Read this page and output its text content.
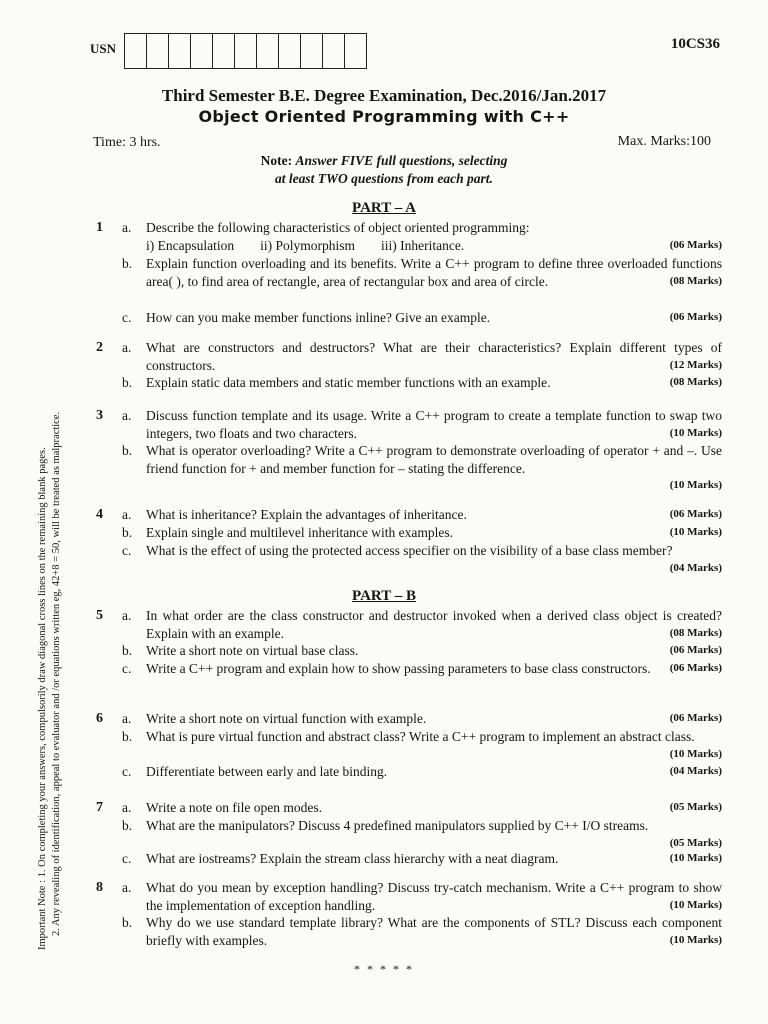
USN	10CS36
Third Semester B.E. Degree Examination, Dec.2016/Jan.2017
Object Oriented Programming with C++
Time: 3 hrs.	Max. Marks:100
Note: Answer FIVE full questions, selecting
at least TWO questions from each part.
Important Note : 1. On completing your answers, compulsorily draw diagonal cross lines on the remaining blank pages. 2. Any revealing of identification, appeal to evaluator and /or equations written eg, 42+8 = 50, will be treated as malpractice.
PART – A
1 a. Describe the following characteristics of object oriented programming:
i) Encapsulation ii) Polymorphism iii) Inheritance.	(06 Marks)
b. Explain function overloading and its benefits. Write a C++ program to define three overloaded functions area( ), to find area of rectangle, area of rectangular box and area of circle.	(08 Marks)
c. How can you make member functions inline? Give an example.	(06 Marks)
2 a. What are constructors and destructors? What are their characteristics? Explain different types of constructors.	(12 Marks)
b. Explain static data members and static member functions with an example.	(08 Marks)
3 a. Discuss function template and its usage. Write a C++ program to create a template function to swap two integers, two floats and two characters.	(10 Marks)
b. What is operator overloading? Write a C++ program to demonstrate overloading of operator + and –. Use friend function for + and member function for – stating the difference.
(10 Marks)
4 a. What is inheritance? Explain the advantages of inheritance.	(06 Marks)
b. Explain single and multilevel inheritance with examples.	(10 Marks)
c. What is the effect of using the protected access specifier on the visibility of a base class member?
(04 Marks)
PART – B
5 a. In what order are the class constructor and destructor invoked when a derived class object is created? Explain with an example.	(08 Marks)
b. Write a short note on virtual base class.	(06 Marks)
c. Write a C++ program and explain how to show passing parameters to base class constructors. (06 Marks)
6 a. Write a short note on virtual function with example.	(06 Marks)
b. What is pure virtual function and abstract class? Write a C++ program to implement an abstract class.
(10 Marks)
c. Differentiate between early and late binding.	(04 Marks)
7 a. Write a note on file open modes.	(05 Marks)
b. What are the manipulators? Discuss 4 predefined manipulators supplied by C++ I/O streams.
(05 Marks)
c. What are iostreams? Explain the stream class hierarchy with a neat diagram.	(10 Marks)
8 a. What do you mean by exception handling? Discuss try-catch mechanism. Write a C++ program to show the implementation of exception handling.	(10 Marks)
b. Why do we use standard template library? What are the components of STL? Discuss each component briefly with examples.	(10 Marks)
* * * * *
